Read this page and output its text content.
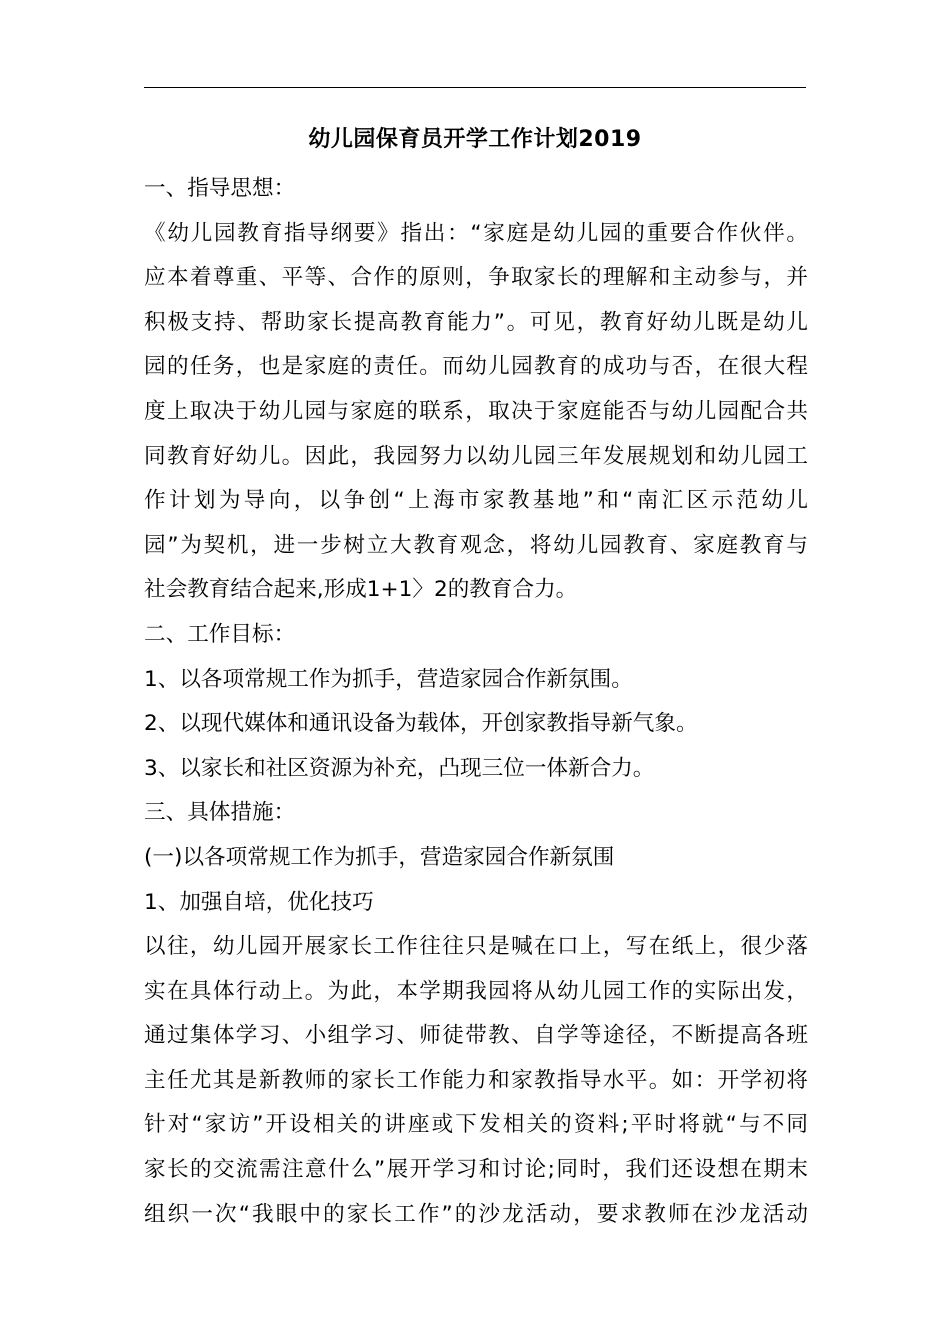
幼儿园保育员开学工作计划2019
一、指导思想：
《幼儿园教育指导纲要》指出：“家庭是幼儿园的重要合作伙伴。
应本着尊重、平等、合作的原则，争取家长的理解和主动参与，并
积极支持、帮助家长提高教育能力”。可见，教育好幼儿既是幼儿
园的任务，也是家庭的责任。而幼儿园教育的成功与否，在很大程
度上取决于幼儿园与家庭的联系，取决于家庭能否与幼儿园配合共
同教育好幼儿。因此，我园努力以幼儿园三年发展规划和幼儿园工
作计划为导向，以争创“上海市家教基地”和“南汇区示范幼儿
园”为契机，进一步树立大教育观念，将幼儿园教育、家庭教育与
社会教育结合起来,形成1+1〉2的教育合力。
二、工作目标：
1、以各项常规工作为抓手，营造家园合作新氛围。
2、以现代媒体和通讯设备为载体，开创家教指导新气象。
3、以家长和社区资源为补充，凸现三位一体新合力。
三、具体措施：
(一)以各项常规工作为抓手，营造家园合作新氛围
1、加强自培，优化技巧
以往，幼儿园开展家长工作往往只是喊在口上，写在纸上，很少落
实在具体行动上。为此，本学期我园将从幼儿园工作的实际出发，
通过集体学习、小组学习、师徒带教、自学等途径，不断提高各班
主任尤其是新教师的家长工作能力和家教指导水平。如：开学初将
针对“家访”开设相关的讲座或下发相关的资料;平时将就“与不同
家长的交流需注意什么”展开学习和讨论;同时，我们还设想在期末
组织一次“我眼中的家长工作”的沙龙活动，要求教师在沙龙活动
